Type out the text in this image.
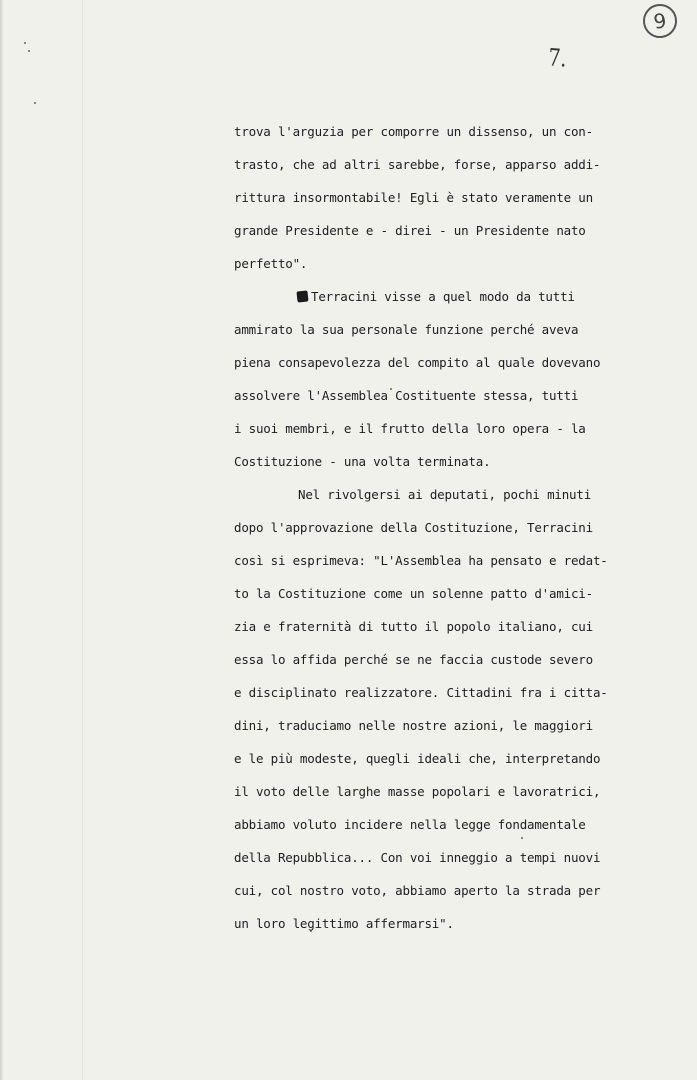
9
7.

trova l'arguzia per comporre un dissenso, un con-

trasto, che ad altri sarebbe, forse, apparso addi-

rittura insormontabile! Egli è stato veramente un

grande Presidente e - direi - un Presidente nato

perfetto".

Terracini visse a quel modo da tutti

ammirato la sua personale funzione perché aveva

piena consapevolezza del compito al quale dovevano

assolvere l'Assemblea Costituente stessa, tutti

i suoi membri, e il frutto della loro opera - la

Costituzione - una volta terminata.

Nel rivolgersi ai deputati, pochi minuti

dopo l'approvazione della Costituzione, Terracini

così si esprimeva: "L'Assemblea ha pensato e redat-

to la Costituzione come un solenne patto d'amici-

zia e fraternità di tutto il popolo italiano, cui

essa lo affida perché se ne faccia custode severo

e disciplinato realizzatore. Cittadini fra i citta-

dini, traduciamo nelle nostre azioni, le maggiori

e le più modeste, quegli ideali che, interpretando

il voto delle larghe masse popolari e lavoratrici,

abbiamo voluto incidere nella legge fondamentale

della Repubblica... Con voi inneggio a tempi nuovi

cui, col nostro voto, abbiamo aperto la strada per

un loro legittimo affermarsi".
